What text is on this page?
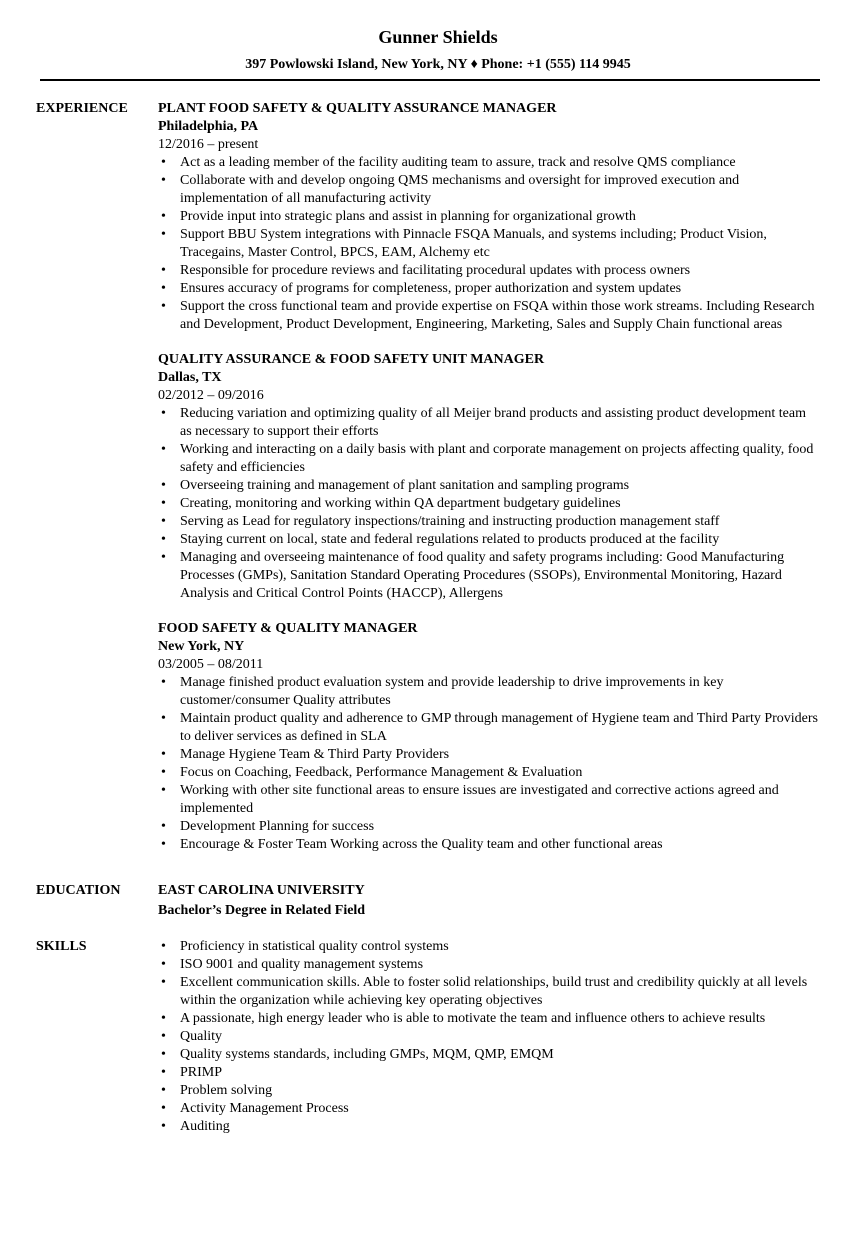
Gunner Shields
397 Powlowski Island, New York, NY ♦ Phone: +1 (555) 114 9945
EXPERIENCE	PLANT FOOD SAFETY & QUALITY ASSURANCE MANAGER
Philadelphia, PA
12/2016 – present
• Act as a leading member of the facility auditing team to assure, track and resolve QMS compliance
• Collaborate with and develop ongoing QMS mechanisms and oversight for improved execution and implementation of all manufacturing activity
• Provide input into strategic plans and assist in planning for organizational growth
• Support BBU System integrations with Pinnacle FSQA Manuals, and systems including; Product Vision, Tracegains, Master Control, BPCS, EAM, Alchemy etc
• Responsible for procedure reviews and facilitating procedural updates with process owners
• Ensures accuracy of programs for completeness, proper authorization and system updates
• Support the cross functional team and provide expertise on FSQA within those work streams. Including Research and Development, Product Development, Engineering, Marketing, Sales and Supply Chain functional areas
QUALITY ASSURANCE & FOOD SAFETY UNIT MANAGER
Dallas, TX
02/2012 – 09/2016
• Reducing variation and optimizing quality of all Meijer brand products and assisting product development team as necessary to support their efforts
• Working and interacting on a daily basis with plant and corporate management on projects affecting quality, food safety and efficiencies
• Overseeing training and management of plant sanitation and sampling programs
• Creating, monitoring and working within QA department budgetary guidelines
• Serving as Lead for regulatory inspections/training and instructing production management staff
• Staying current on local, state and federal regulations related to products produced at the facility
• Managing and overseeing maintenance of food quality and safety programs including: Good Manufacturing Processes (GMPs), Sanitation Standard Operating Procedures (SSOPs), Environmental Monitoring, Hazard Analysis and Critical Control Points (HACCP), Allergens
FOOD SAFETY & QUALITY MANAGER
New York, NY
03/2005 – 08/2011
• Manage finished product evaluation system and provide leadership to drive improvements in key customer/consumer Quality attributes
• Maintain product quality and adherence to GMP through management of Hygiene team and Third Party Providers to deliver services as defined in SLA
• Manage Hygiene Team & Third Party Providers
• Focus on Coaching, Feedback, Performance Management & Evaluation
• Working with other site functional areas to ensure issues are investigated and corrective actions agreed and implemented
• Development Planning for success
• Encourage & Foster Team Working across the Quality team and other functional areas
EDUCATION	EAST CAROLINA UNIVERSITY
Bachelor’s Degree in Related Field
SKILLS
•	Proficiency in statistical quality control systems
• ISO 9001 and quality management systems
• Excellent communication skills. Able to foster solid relationships, build trust and credibility quickly at all levels within the organization while achieving key operating objectives
• A passionate, high energy leader who is able to motivate the team and influence others to achieve results
• Quality
• Quality systems standards, including GMPs, MQM, QMP, EMQM
• PRIMP
• Problem solving
• Activity Management Process
• Auditing
